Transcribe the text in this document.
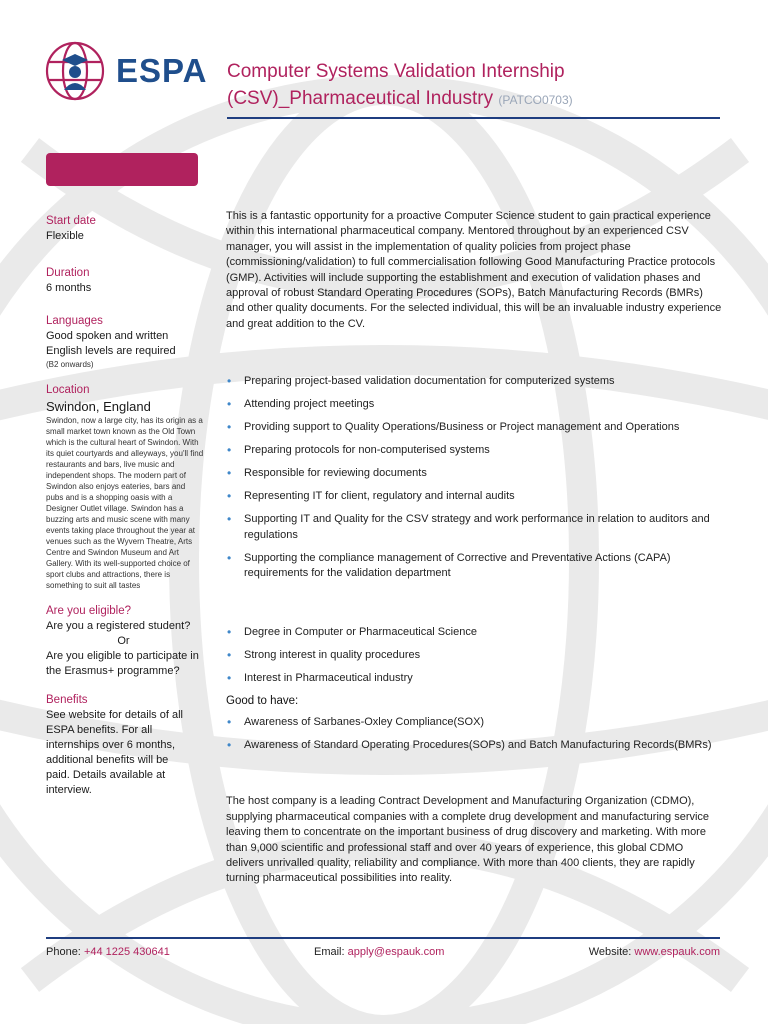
ESPA Computer Systems Validation Internship
(CSV)_Pharmaceutical Industry (PATCO0703)
Start date
Flexible
Duration
6 months
Languages
Good spoken and written English levels are required
(B2 onwards)
Location
Swindon, England
Swindon, now a large city, has its origin as a small market town known as the Old Town which is the cultural heart of Swindon. With its quiet courtyards and alleyways, you'll find restaurants and bars, live music and independent shops. The modern part of Swindon also enjoys eateries, bars and pubs and is a shopping oasis with a Designer Outlet village. Swindon has a buzzing arts and music scene with many events taking place throughout the year at venues such as the Wyvern Theatre, Arts Centre and Swindon Museum and Art Gallery. With its well-supported choice of sport clubs and attractions, there is something to suit all tastes
Are you eligible?
Are you a registered student?
Or
Are you eligible to participate in the Erasmus+ programme?
Benefits
See website for details of all ESPA benefits. For all internships over 6 months, additional benefits will be paid. Details available at interview.

This is a fantastic opportunity for a proactive Computer Science student to gain practical experience within this international pharmaceutical company. Mentored throughout by an experienced CSV manager, you will assist in the implementation of quality policies from project phase (commissioning/validation) to full commercialisation following Good Manufacturing Practice protocols (GMP). Activities will include supporting the establishment and execution of validation phases and approval of robust Standard Operating Procedures (SOPs), Batch Manufacturing Records (BMRs) and other quality documents. For the selected individual, this will be an invaluable industry experience and great addition to the CV.

• Preparing project-based validation documentation for computerized systems
• Attending project meetings
• Providing support to Quality Operations/Business or Project management and Operations
• Preparing protocols for non-computerised systems
• Responsible for reviewing documents
• Representing IT for client, regulatory and internal audits
• Supporting IT and Quality for the CSV strategy and work performance in relation to auditors and regulations
• Supporting the compliance management of Corrective and Preventative Actions (CAPA) requirements for the validation department
• Degree in Computer or Pharmaceutical Science
• Strong interest in quality procedures
• Interest in Pharmaceutical industry
Good to have:
• Awareness of Sarbanes-Oxley Compliance(SOX)
• Awareness of Standard Operating Procedures(SOPs) and Batch Manufacturing Records(BMRs)

The host company is a leading Contract Development and Manufacturing Organization (CDMO), supplying pharmaceutical companies with a complete drug development and manufacturing service leaving them to concentrate on the important business of drug discovery and marketing. With more than 9,000 scientific and professional staff and over 40 years of experience, this global CDMO delivers unrivalled quality, reliability and compliance. With more than 400 clients, they are rapidly turning pharmaceutical possibilities into reality.

Phone: +44 1225 430641	Email: apply@espauk.com	Website: www.espauk.com
